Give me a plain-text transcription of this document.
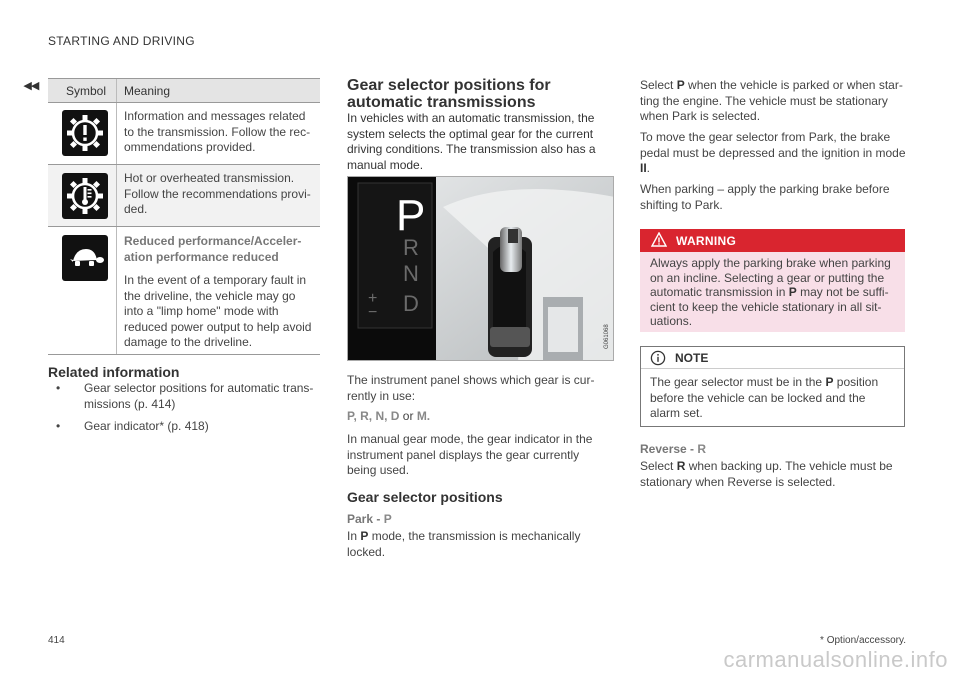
STARTING AND DRIVING
◂◂ Symbol Meaning
Information and messages related to the transmission. Follow the rec-ommendations provided.
Hot or overheated transmission. Follow the recommendations provi-ded.
Reduced performance/Acceler-ation performance reduced
In the event of a temporary fault in the driveline, the vehicle may go into a "limp home" mode with reduced power output to help avoid damage to the driveline.
Related information
• Gear selector positions for automatic trans-missions (p. 414)
• Gear indicator* (p. 418)
Gear selector positions for automatic transmissions
In vehicles with an automatic transmission, the system selects the optimal gear for the current driving conditions. The transmission also has a manual mode.
P
R
N
D
+
−
G061068
The instrument panel shows which gear is cur-rently in use:
P, R, N, D or M.
In manual gear mode, the gear indicator in the instrument panel displays the gear currently being used.
Gear selector positions
Park - P
In P mode, the transmission is mechanically locked.
Select P when the vehicle is parked or when star-ting the engine. The vehicle must be stationary when Park is selected.
To move the gear selector from Park, the brake pedal must be depressed and the ignition in mode II.
When parking – apply the parking brake before shifting to Park.
WARNING
Always apply the parking brake when parking on an incline. Selecting a gear or putting the automatic transmission in P may not be suffi-cient to keep the vehicle stationary in all sit-uations.
NOTE
The gear selector must be in the P position before the vehicle can be locked and the alarm set.
Reverse - R
Select R when backing up. The vehicle must be stationary when Reverse is selected.
414	* Option/accessory.
carmanualsonline.info
